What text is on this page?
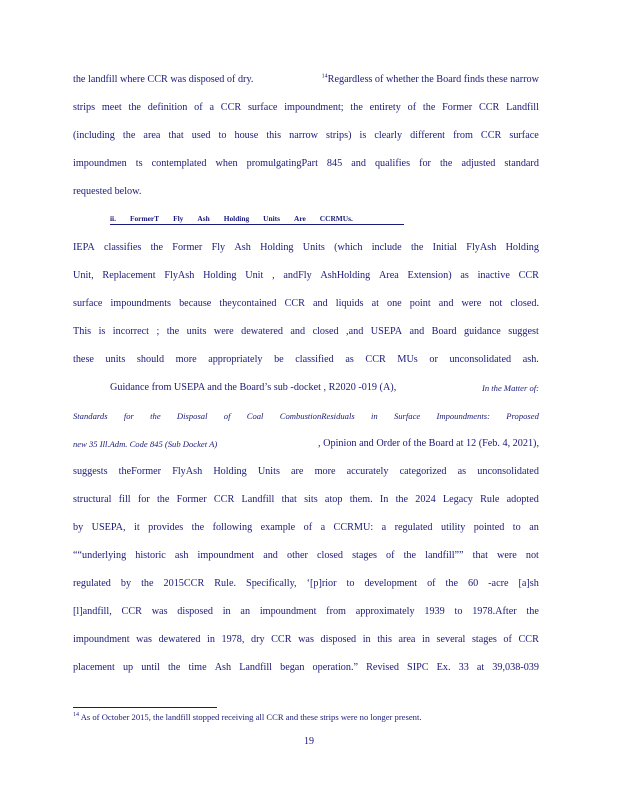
the landfill where CCR was disposed of dry.	$^{14}$Regardless of whether the Board finds these narrow
strips meet the definition of a CCR surface impoundment; the entirety of the Former CCR Landfill
(including the area that used to house this narrow strips) is clearly different from CCR surface
impoundmen ts contemplated when promulgatingPart 845 and qualifies for the adjusted standard
requested below.
ii. FormerT Fly Ash Holding Units Are CCRMUs.
IEPA classifies the Former Fly Ash Holding Units (which include the Initial FlyAsh Holding
Unit, Replacement FlyAsh Holding Unit , andFly AshHolding Area Extension) as inactive CCR
surface impoundments because theycontained CCR and liquids at one point and were not closed.
This is incorrect ; the units were dewatered and closed ,and USEPA and Board guidance suggest
these units should more appropriately be classified as CCR MUs or unconsolidated ash.
Guidance from USEPA and the Board’s sub -docket , R2020 -019 (A),	In the Matter of:
Standards for the Disposal of Coal CombustionResiduals in Surface Impoundments: Proposed
new 35 Ill.Adm. Code 845 (Sub Docket A)	, Opinion and Order of the Board at 12 (Feb. 4, 2021),
suggests theFormer FlyAsh Holding Units are more accurately categorized as unconsolidated
structural fill for the Former CCR Landfill that sits atop them. In the 2024 Legacy Rule adopted
by USEPA, it provides the following example of a CCRMU: a regulated utility pointed to an
““underlying historic ash impoundment and other closed stages of the landfill”” that were not
regulated by the 2015CCR Rule. Specifically, ‘[p]rior to development of the 60 -acre [a]sh
[l]andfill, CCR was disposed in an impoundment from approximately 1939 to 1978.After the
impoundment was dewatered in 1978, dry CCR was disposed in this area in several stages of CCR
placement up until the time Ash Landfill began operation.” Revised SIPC Ex. 33 at 39,038-039
$^{14}$ As of October 2015, the landfill stopped receiving all CCR and these strips were no longer present.
19
